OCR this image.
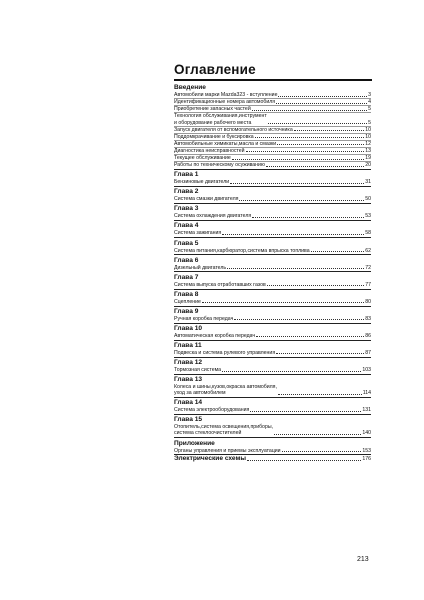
Оглавление
Введение
Автомобили марки Mazda323 - вступление	3
Идентификационные номера автомобиля	4
Приобретение запасных частей	5
Технология обслуживания,инструмент
и оборудование рабочего места	5
Запуск двигателя от вспомогательного источника	10
Поддомкрачивание и буксировка	10
Автомобильные химикаты,масла и смазки	12
Диагностика неисправностей	13
Текущее обслуживание	19
Работы по техническому осуживанию	20
Глава 1
Бензиновые двигатели	31
Глава 2
Система смазки двигателя	50
Глава 3
Система охлаждения двигателя	53
Глава 4
Система зажигания	58
Глава 5
Система питания,карбюратор,система впрыска топлива	62
Глава 6
Дизельный двигатель	72
Глава 7
Система выпуска отработавших газов	77
Глава 8
Сцепление	80
Глава 9
Ручная коробка передач	83
Глава 10
Автоматическая коробка передач	86
Глава 11
Подвеска и система рулевого управления	87
Глава 12
Тормозная система	103
Глава 13
Колеса и шины,кузов,окраска автомобиля,
уход за автомобилем	114
Глава 14
Система электрооборудования	131
Глава 15
Отопитель,система освещения,приборы,
система стеклоочистителей	140
Приложение
Органы управления и приемы эксплуатации	153
Электрические схемы	176
213
